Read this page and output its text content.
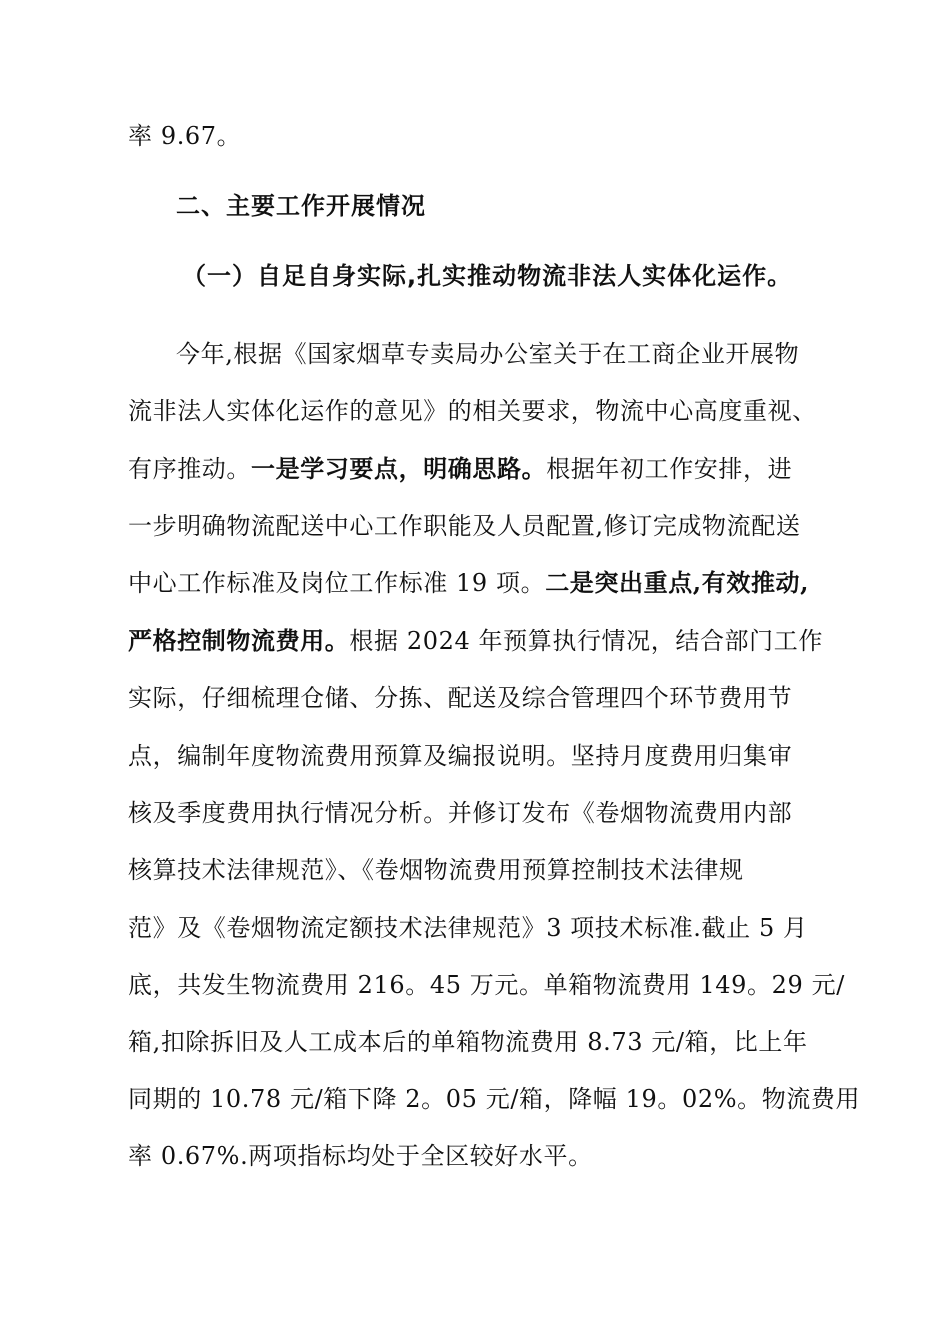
率 9.67。
二、主要工作开展情况
（一）自足自身实际,扎实推动物流非法人实体化运作。
今年,根据《国家烟草专卖局办公室关于在工商企业开展物
流非法人实体化运作的意见》的相关要求，物流中心高度重视、
有序推动。一是学习要点，明确思路。根据年初工作安排，进
一步明确物流配送中心工作职能及人员配置,修订完成物流配送
中心工作标准及岗位工作标准 19 项。二是突出重点,有效推动,
严格控制物流费用。根据 2024 年预算执行情况，结合部门工作
实际，仔细梳理仓储、分拣、配送及综合管理四个环节费用节
点，编制年度物流费用预算及编报说明。坚持月度费用归集审
核及季度费用执行情况分析。并修订发布《卷烟物流费用内部
核算技术法律规范》、《卷烟物流费用预算控制技术法律规
范》及《卷烟物流定额技术法律规范》3 项技术标准.截止 5 月
底，共发生物流费用 216。45 万元。单箱物流费用 149。29 元/
箱,扣除拆旧及人工成本后的单箱物流费用 8.73 元/箱，比上年
同期的 10.78 元/箱下降 2。05 元/箱，降幅 19。02%。物流费用
率 0.67%.两项指标均处于全区较好水平。
